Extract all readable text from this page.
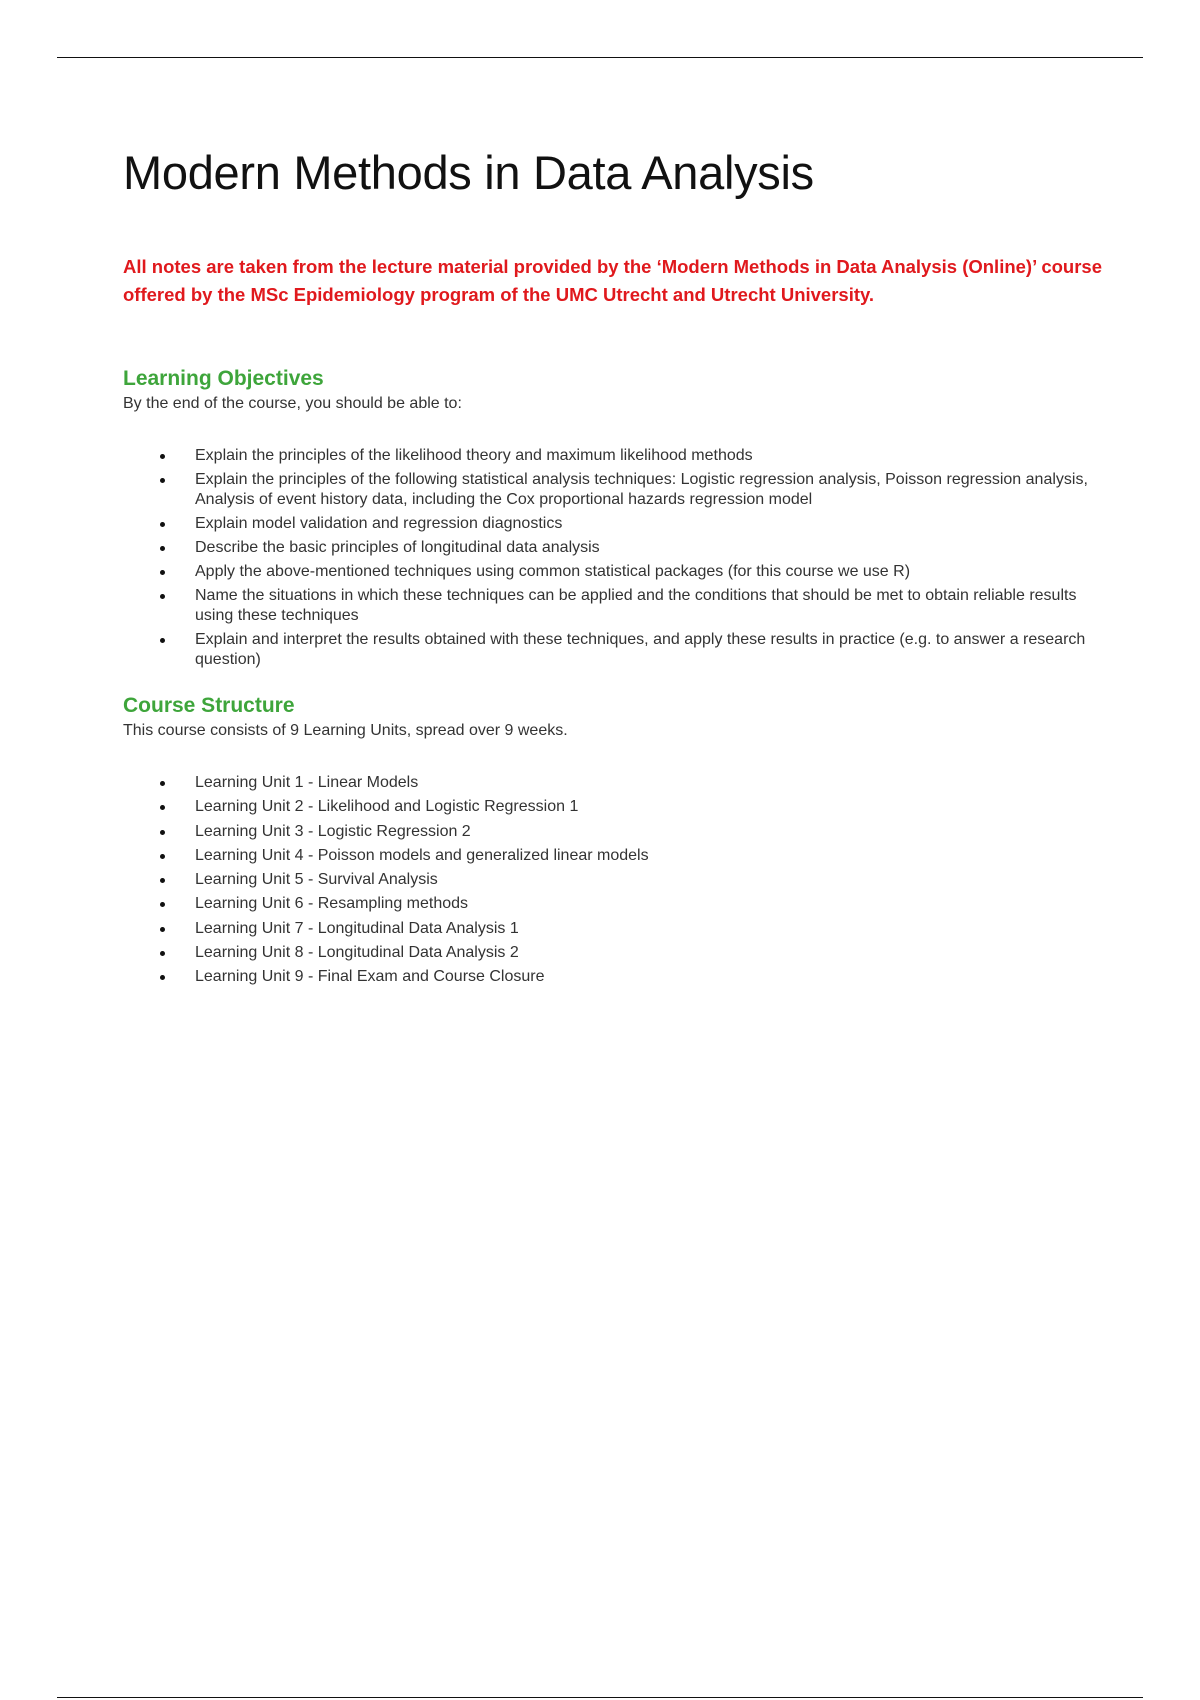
Modern Methods in Data Analysis

All notes are taken from the lecture material provided by the ‘Modern Methods in Data Analysis (Online)’ course offered by the MSc Epidemiology program of the UMC Utrecht and Utrecht University.

Learning Objectives

By the end of the course, you should be able to:

Explain the principles of the likelihood theory and maximum likelihood methods
Explain the principles of the following statistical analysis techniques: Logistic regression analysis, Poisson regression analysis, Analysis of event history data, including the Cox proportional hazards regression model
Explain model validation and regression diagnostics
Describe the basic principles of longitudinal data analysis
Apply the above-mentioned techniques using common statistical packages (for this course we use R)
Name the situations in which these techniques can be applied and the conditions that should be met to obtain reliable results using these techniques
Explain and interpret the results obtained with these techniques, and apply these results in practice (e.g. to answer a research question)
Course Structure

This course consists of 9 Learning Units, spread over 9 weeks.

Learning Unit 1 - Linear Models
Learning Unit 2 - Likelihood and Logistic Regression 1
Learning Unit 3 - Logistic Regression 2
Learning Unit 4 - Poisson models and generalized linear models
Learning Unit 5 - Survival Analysis
Learning Unit 6 - Resampling methods
Learning Unit 7 - Longitudinal Data Analysis 1
Learning Unit 8 - Longitudinal Data Analysis 2
Learning Unit 9 - Final Exam and Course Closure
